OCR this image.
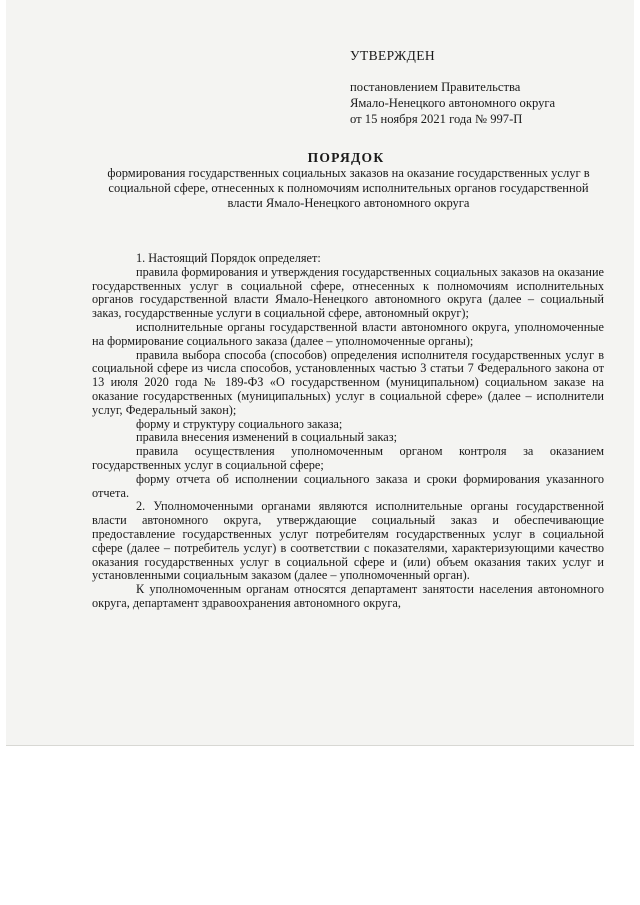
УТВЕРЖДЕН
постановлением Правительства
Ямало-Ненецкого автономного округа
от 15 ноября 2021 года № 997-П
ПОРЯДОК
формирования государственных социальных заказов на оказание государственных услуг в социальной сфере, отнесенных к полномочиям исполнительных органов государственной власти Ямало-Ненецкого автономного округа

1. Настоящий Порядок определяет:

правила формирования и утверждения государственных социальных заказов на оказание государственных услуг в социальной сфере, отнесенных к полномочиям исполнительных органов государственной власти Ямало-Ненецкого автономного округа (далее – социальный заказ, государственные услуги в социальной сфере, автономный округ);

исполнительные органы государственной власти автономного округа, уполномоченные на формирование социального заказа (далее – уполномоченные органы);

правила выбора способа (способов) определения исполнителя государственных услуг в социальной сфере из числа способов, установленных частью 3 статьи 7 Федерального закона от 13 июля 2020 года № 189-ФЗ «О государственном (муниципальном) социальном заказе на оказание государственных (муниципальных) услуг в социальной сфере» (далее – исполнители услуг, Федеральный закон);

форму и структуру социального заказа;

правила внесения изменений в социальный заказ;

правила осуществления уполномоченным органом контроля за оказанием государственных услуг в социальной сфере;

форму отчета об исполнении социального заказа и сроки формирования указанного отчета.

2. Уполномоченными органами являются исполнительные органы государственной власти автономного округа, утверждающие социальный заказ и обеспечивающие предоставление государственных услуг потребителям государственных услуг в социальной сфере (далее – потребитель услуг) в соответствии с показателями, характеризующими качество оказания государственных услуг в социальной сфере и (или) объем оказания таких услуг и установленными социальным заказом (далее – уполномоченный орган).

К уполномоченным органам относятся департамент занятости населения автономного округа, департамент здравоохранения автономного округа,
